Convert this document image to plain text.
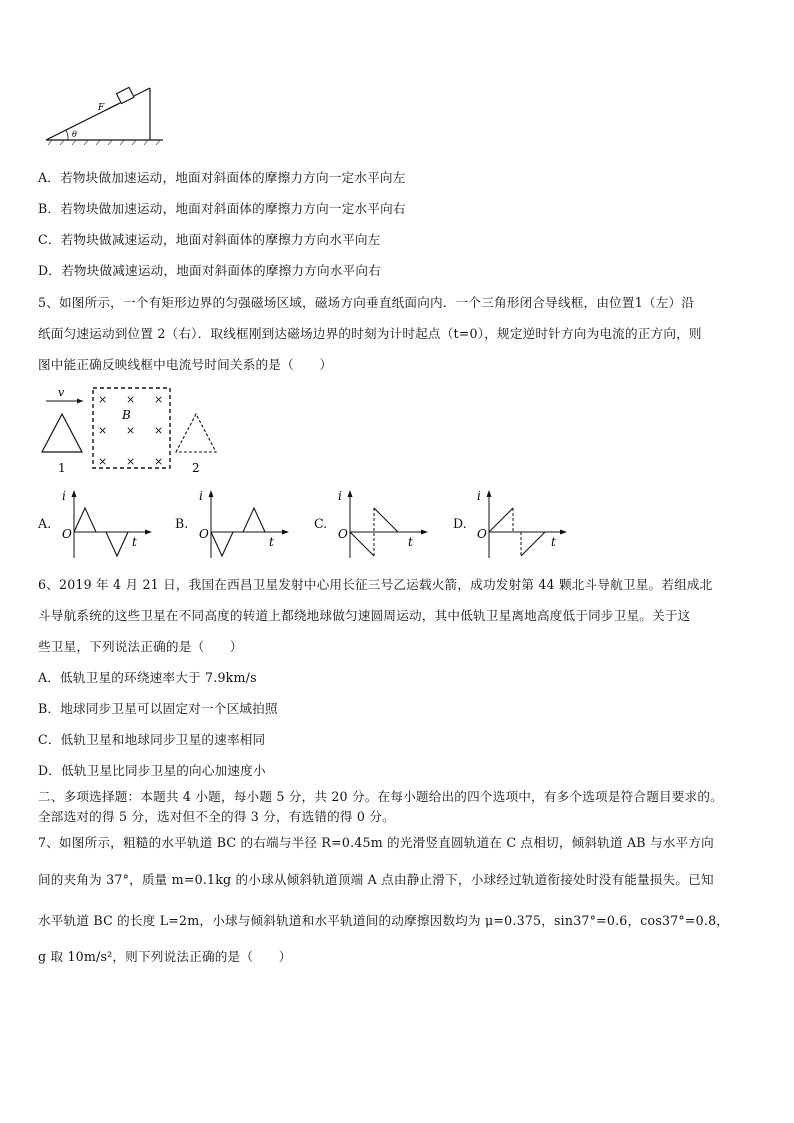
F
θ
A．若物块做加速运动，地面对斜面体的摩擦力方向一定水平向左
B．若物块做加速运动，地面对斜面体的摩擦力方向一定水平向右
C．若物块做减速运动，地面对斜面体的摩擦力方向水平向左
D．若物块做减速运动，地面对斜面体的摩擦力方向水平向右
5、如图所示，一个有矩形边界的匀强磁场区域，磁场方向垂直纸面向内．一个三角形闭合导线框，由位置1（左）沿
纸面匀速运动到位置 2（右）．取线框刚到达磁场边界的时刻为计时起点（t=0），规定逆时针方向为电流的正方向，则
图中能正确反映线框中电流号时间关系的是（　　）
v
1
× × ×
× × ×
× × ×
B
2
A.
i
O
t
B.
i
O
t
C.
i
O
t
D.
i
O
t
6、2019 年 4 月 21 日，我国在西昌卫星发射中心用长征三号乙运载火箭，成功发射第 44 颗北斗导航卫星。若组成北
斗导航系统的这些卫星在不同高度的转道上都绕地球做匀速圆周运动，其中低轨卫星离地高度低于同步卫星。关于这
些卫星，下列说法正确的是（　　）
A．低轨卫星的环绕速率大于 7.9km/s
B．地球同步卫星可以固定对一个区域拍照
C．低轨卫星和地球同步卫星的速率相同
D．低轨卫星比同步卫星的向心加速度小
二、多项选择题：本题共 4 小题，每小题 5 分，共 20 分。在每小题给出的四个选项中，有多个选项是符合题目要求的。
全部选对的得 5 分，选对但不全的得 3 分，有选错的得 0 分。
7、如图所示，粗糙的水平轨道 BC 的右端与半径 R=0.45m 的光滑竖直圆轨道在 C 点相切，倾斜轨道 AB 与水平方向
间的夹角为 37°，质量 m=0.1kg 的小球从倾斜轨道顶端 A 点由静止滑下，小球经过轨道衔接处时没有能量损失。已知
水平轨道 BC 的长度 L=2m，小球与倾斜轨道和水平轨道间的动摩擦因数均为 μ=0.375，sin37°=0.6，cos37°=0.8，
g 取 10m/s²，则下列说法正确的是（　　）
